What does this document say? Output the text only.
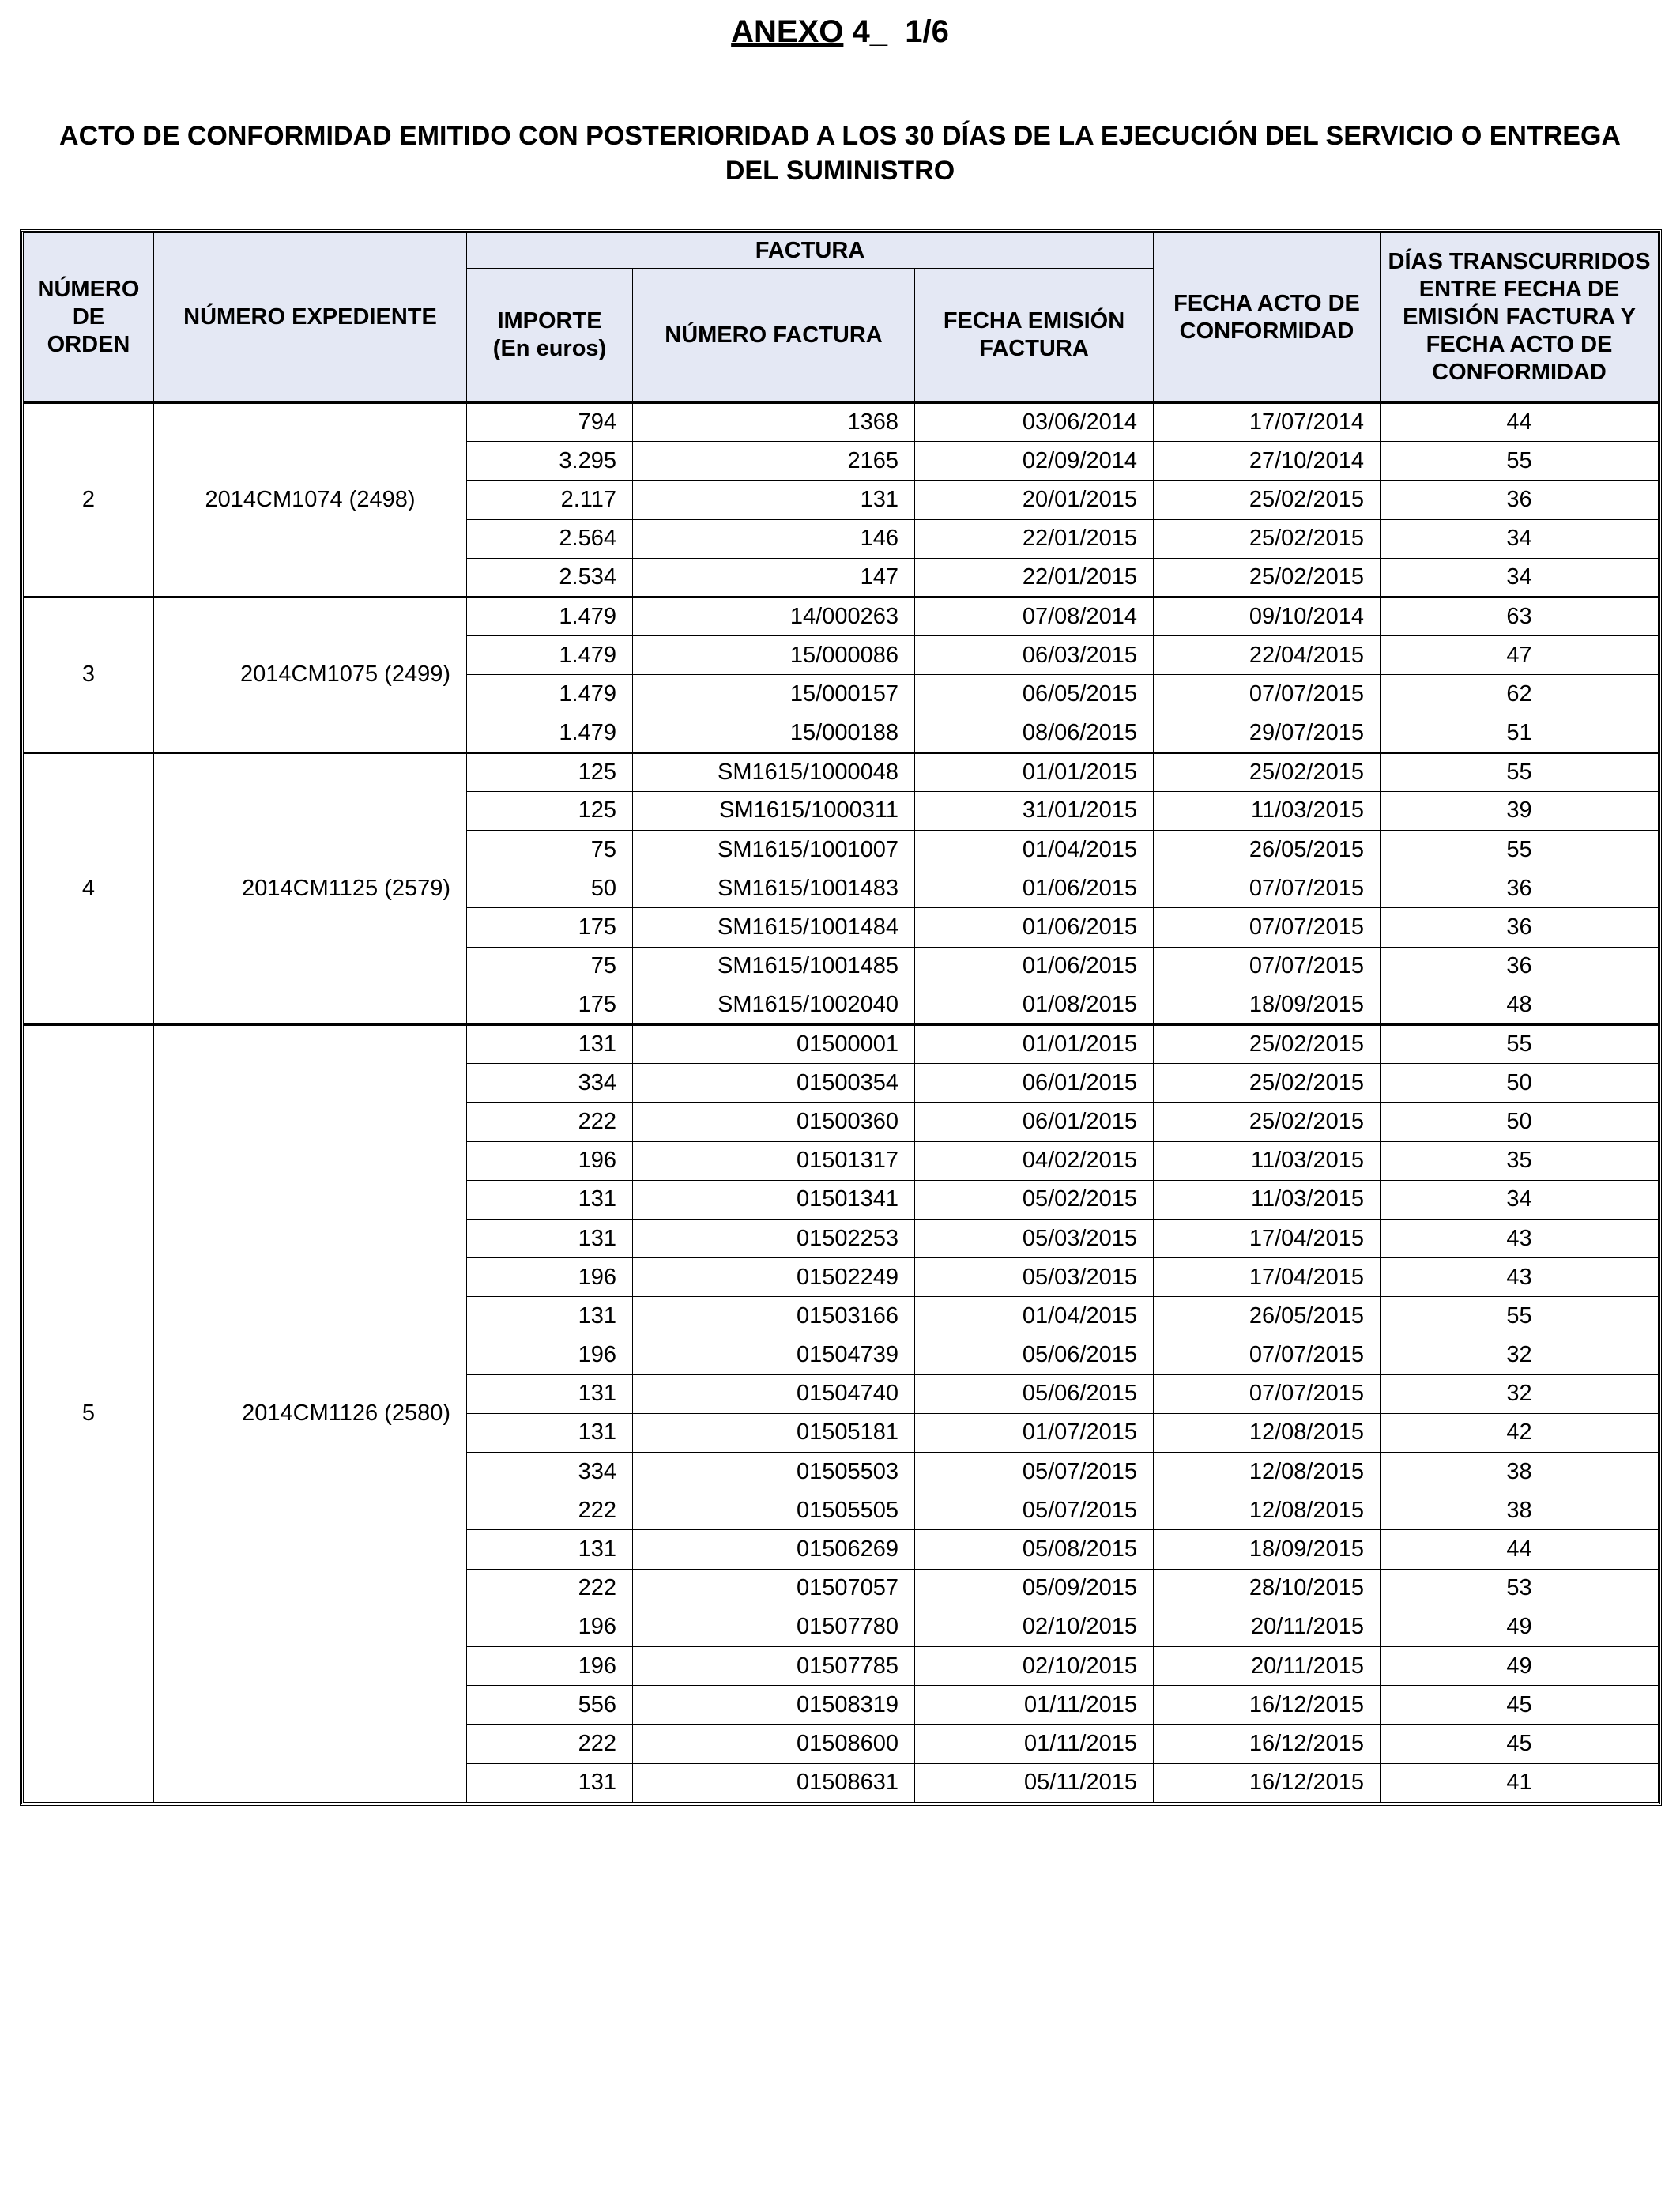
ANEXO 4_  1/6
ACTO DE CONFORMIDAD EMITIDO CON POSTERIORIDAD A LOS 30 DÍAS DE LA EJECUCIÓN DEL SERVICIO O ENTREGA DEL SUMINISTRO
NÚMERO DE ORDEN	NÚMERO EXPEDIENTE	FACTURA			FECHA ACTO DE CONFORMIDAD	DÍAS TRANSCURRIDOS ENTRE FECHA DE EMISIÓN FACTURA Y FECHA ACTO DE CONFORMIDAD
		IMPORTE
(En euros)	NÚMERO FACTURA	FECHA EMISIÓN FACTURA		
2	2014CM1074 (2498)	794	1368	03/06/2014	17/07/2014	44
		3.295	2165	02/09/2014	27/10/2014	55
		2.117	131	20/01/2015	25/02/2015	36
		2.564	146	22/01/2015	25/02/2015	34
		2.534	147	22/01/2015	25/02/2015	34
3	2014CM1075 (2499)	1.479	14/000263	07/08/2014	09/10/2014	63
		1.479	15/000086	06/03/2015	22/04/2015	47
		1.479	15/000157	06/05/2015	07/07/2015	62
		1.479	15/000188	08/06/2015	29/07/2015	51
4	2014CM1125 (2579)	125	SM1615/1000048	01/01/2015	25/02/2015	55
		125	SM1615/1000311	31/01/2015	11/03/2015	39
		75	SM1615/1001007	01/04/2015	26/05/2015	55
		50	SM1615/1001483	01/06/2015	07/07/2015	36
		175	SM1615/1001484	01/06/2015	07/07/2015	36
		75	SM1615/1001485	01/06/2015	07/07/2015	36
		175	SM1615/1002040	01/08/2015	18/09/2015	48
5	2014CM1126 (2580)	131	01500001	01/01/2015	25/02/2015	55
		334	01500354	06/01/2015	25/02/2015	50
		222	01500360	06/01/2015	25/02/2015	50
		196	01501317	04/02/2015	11/03/2015	35
		131	01501341	05/02/2015	11/03/2015	34
		131	01502253	05/03/2015	17/04/2015	43
		196	01502249	05/03/2015	17/04/2015	43
		131	01503166	01/04/2015	26/05/2015	55
		196	01504739	05/06/2015	07/07/2015	32
		131	01504740	05/06/2015	07/07/2015	32
		131	01505181	01/07/2015	12/08/2015	42
		334	01505503	05/07/2015	12/08/2015	38
		222	01505505	05/07/2015	12/08/2015	38
		131	01506269	05/08/2015	18/09/2015	44
		222	01507057	05/09/2015	28/10/2015	53
		196	01507780	02/10/2015	20/11/2015	49
		196	01507785	02/10/2015	20/11/2015	49
		556	01508319	01/11/2015	16/12/2015	45
		222	01508600	01/11/2015	16/12/2015	45
		131	01508631	05/11/2015	16/12/2015	41
